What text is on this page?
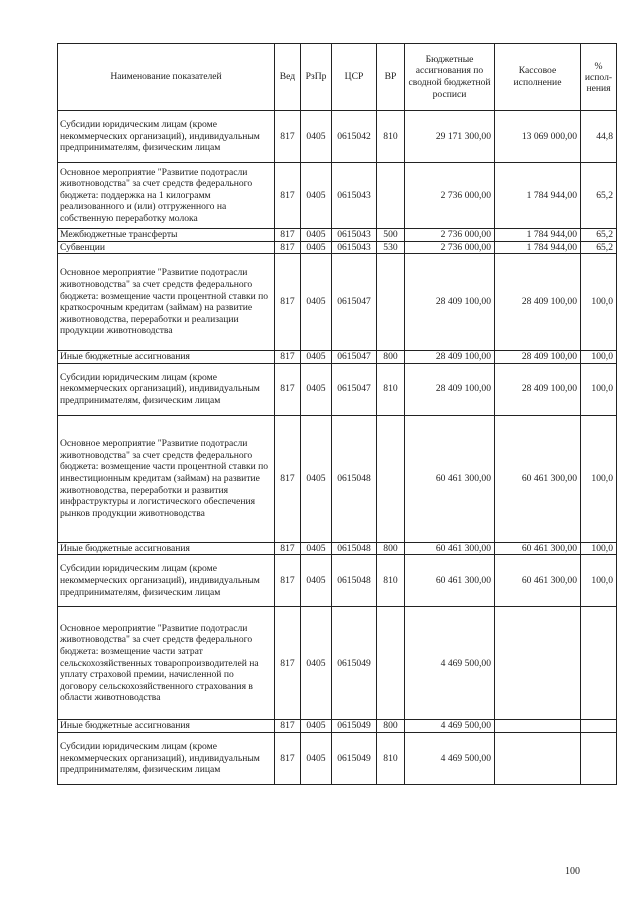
Наименование показателей	Вед	РзПр	ЦСР	ВР	Бюджетные ассигнования по сводной бюджетной росписи	Кассовое исполнение	% испол-нения
Субсидии юридическим лицам (кроме некоммерческих организаций), индивидуальным предпринимателям, физическим лицам	817	0405	0615042	810	29 171 300,00	13 069 000,00	44,8
Основное мероприятие "Развитие подотрасли животноводства" за счет средств федерального бюджета: поддержка на 1 килограмм реализованного и (или) отгруженного на собственную переработку молока	817	0405	0615043		2 736 000,00	1 784 944,00	65,2
Межбюджетные трансферты	817	0405	0615043	500	2 736 000,00	1 784 944,00	65,2
Субвенции	817	0405	0615043	530	2 736 000,00	1 784 944,00	65,2
Основное мероприятие "Развитие подотрасли животноводства" за счет средств федерального бюджета: возмещение части процентной ставки по краткосрочным кредитам (займам) на развитие животноводства, переработки и реализации продукции животноводства	817	0405	0615047		28 409 100,00	28 409 100,00	100,0
Иные бюджетные ассигнования	817	0405	0615047	800	28 409 100,00	28 409 100,00	100,0
Субсидии юридическим лицам (кроме некоммерческих организаций), индивидуальным предпринимателям, физическим лицам	817	0405	0615047	810	28 409 100,00	28 409 100,00	100,0
Основное мероприятие "Развитие подотрасли животноводства" за счет средств федерального бюджета: возмещение части процентной ставки по инвестиционным кредитам (займам) на развитие животноводства, переработки и развития инфраструктуры и логистического обеспечения рынков продукции животноводства	817	0405	0615048		60 461 300,00	60 461 300,00	100,0
Иные бюджетные ассигнования	817	0405	0615048	800	60 461 300,00	60 461 300,00	100,0
Субсидии юридическим лицам (кроме некоммерческих организаций), индивидуальным предпринимателям, физическим лицам	817	0405	0615048	810	60 461 300,00	60 461 300,00	100,0
Основное мероприятие "Развитие подотрасли животноводства" за счет средств федерального бюджета: возмещение части затрат сельскохозяйственных товаропроизводителей на уплату страховой премии, начисленной по договору сельскохозяйственного страхования в области животноводства	817	0405	0615049		4 469 500,00		
Иные бюджетные ассигнования	817	0405	0615049	800	4 469 500,00		
Субсидии юридическим лицам (кроме некоммерческих организаций), индивидуальным предпринимателям, физическим лицам	817	0405	0615049	810	4 469 500,00		
100
